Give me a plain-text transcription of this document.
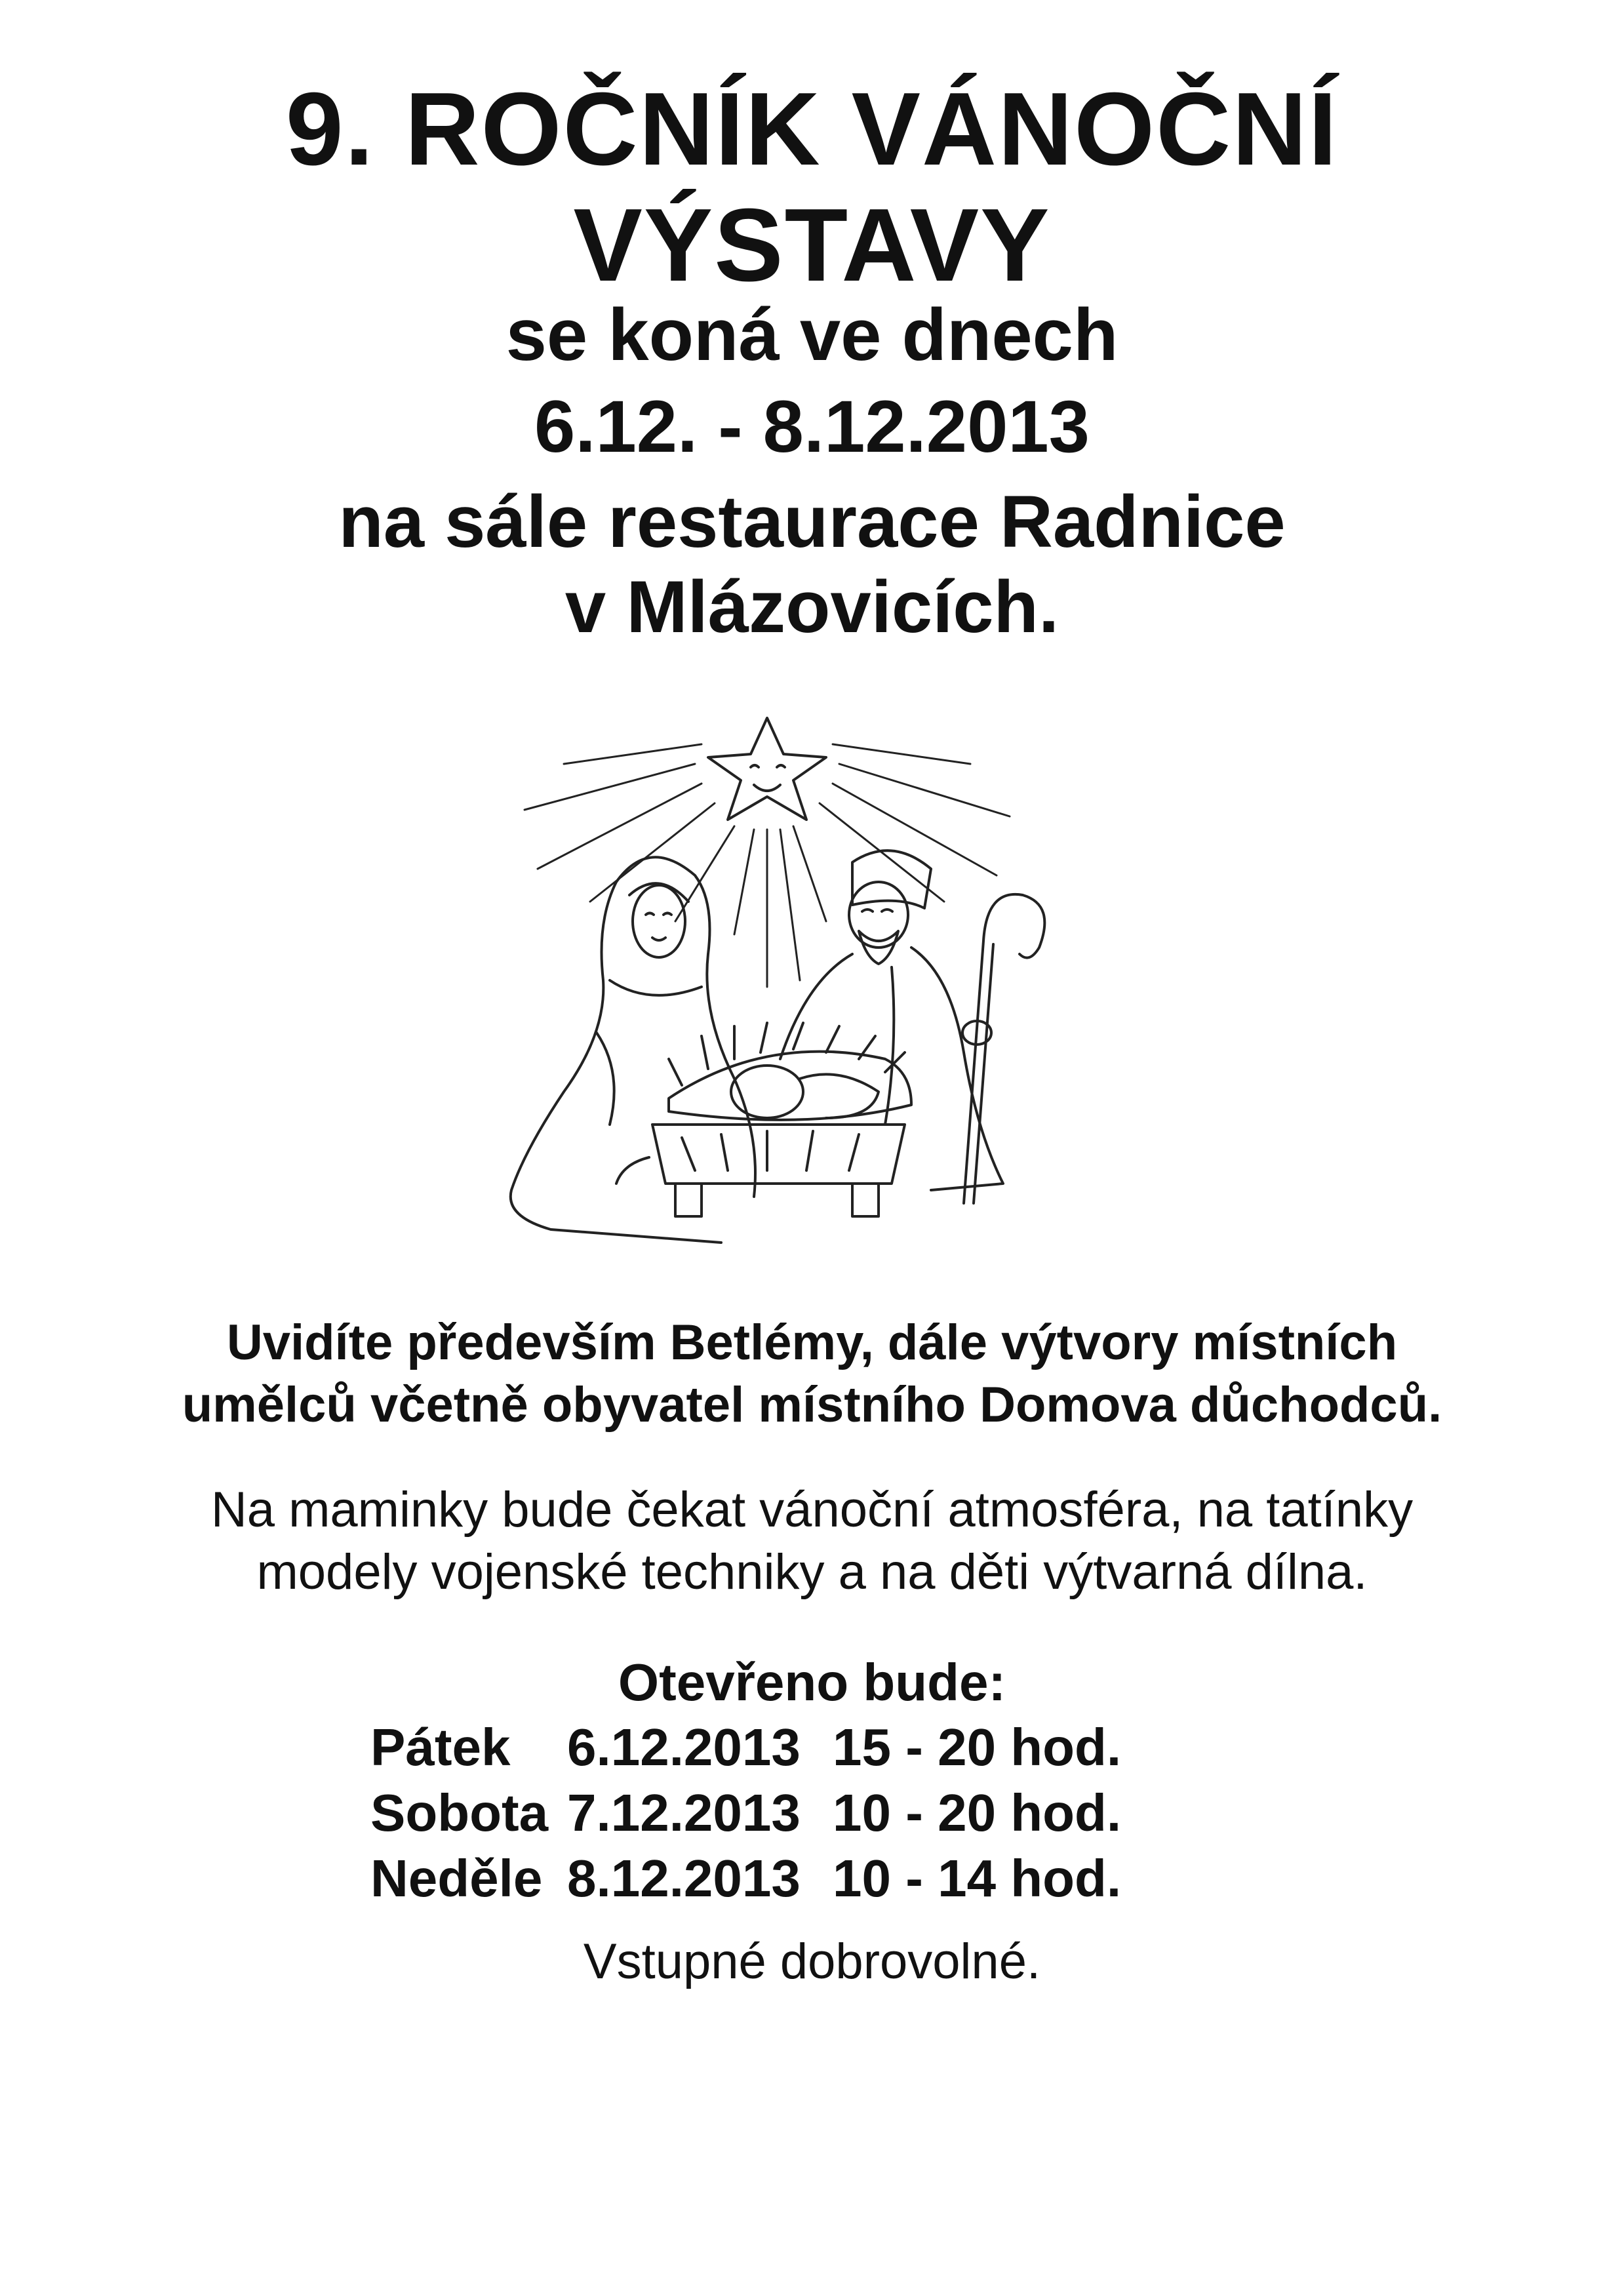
9. ROČNÍK VÁNOČNÍ
VÝSTAVY
se koná ve dnech
6.12. - 8.12.2013
na sále restaurace Radnice
v Mlázovicích.
Uvidíte především Betlémy, dále výtvory místních
umělců včetně obyvatel místního Domova důchodců.
Na maminky bude čekat vánoční atmosféra, na tatínky
modely vojenské techniky a na děti výtvarná dílna.
Otevřeno bude:
Pátek	6.12.2013 15 - 20 hod.
Sobota 7.12.2013 10 - 20 hod.
Neděle 8.12.2013 10 - 14 hod.
Vstupné dobrovolné.
